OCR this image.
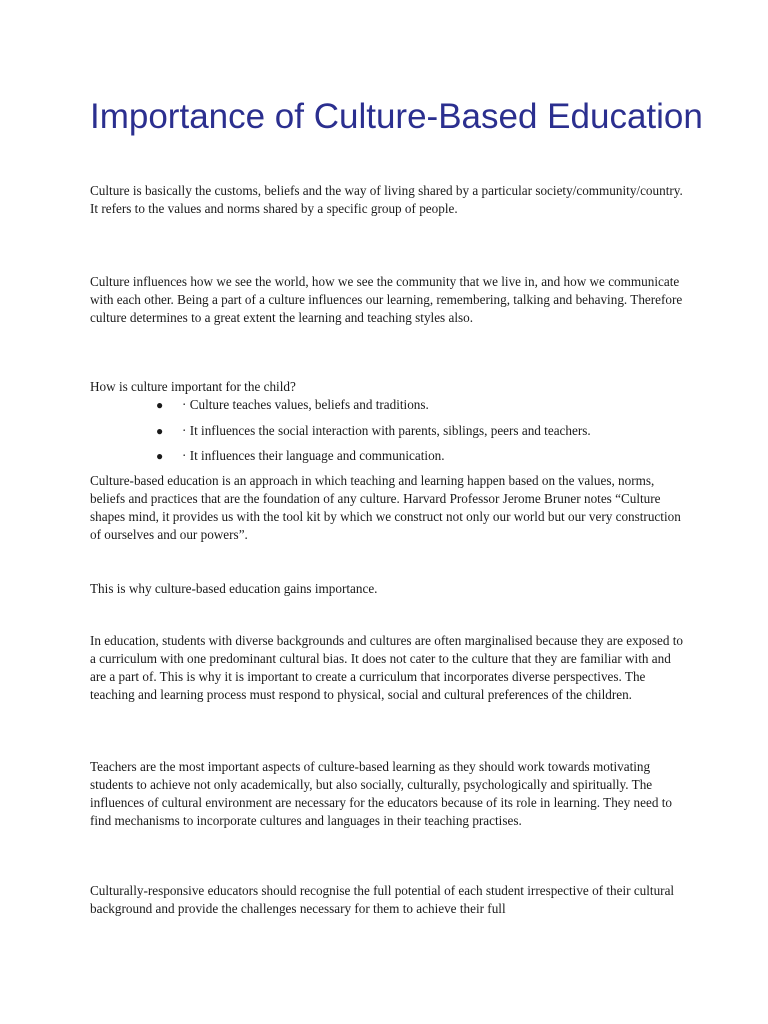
Importance of Culture-Based Education

Culture is basically the customs, beliefs and the way of living shared by a particular society/community/country. It refers to the values and norms shared by a specific group of people.

Culture influences how we see the world, how we see the community that we live in, and how we communicate with each other. Being a part of a culture influences our learning, remembering, talking and behaving. Therefore culture determines to a great extent the learning and teaching styles also.

How is culture important for the child?

● · Culture teaches values, beliefs and traditions.
● · It influences the social interaction with parents, siblings, peers and teachers.
● · It influences their language and communication.

Culture-based education is an approach in which teaching and learning happen based on the values, norms, beliefs and practices that are the foundation of any culture. Harvard Professor Jerome Bruner notes “Culture shapes mind, it provides us with the tool kit by which we construct not only our world but our very construction of ourselves and our powers”.

This is why culture-based education gains importance.

In education, students with diverse backgrounds and cultures are often marginalised because they are exposed to a curriculum with one predominant cultural bias. It does not cater to the culture that they are familiar with and are a part of. This is why it is important to create a curriculum that incorporates diverse perspectives. The teaching and learning process must respond to physical, social and cultural preferences of the children.

Teachers are the most important aspects of culture-based learning as they should work towards motivating students to achieve not only academically, but also socially, culturally, psychologically and spiritually. The influences of cultural environment are necessary for the educators because of its role in learning. They need to find mechanisms to incorporate cultures and languages in their teaching practises.

Culturally-responsive educators should recognise the full potential of each student irrespective of their cultural background and provide the challenges necessary for them to achieve their full
